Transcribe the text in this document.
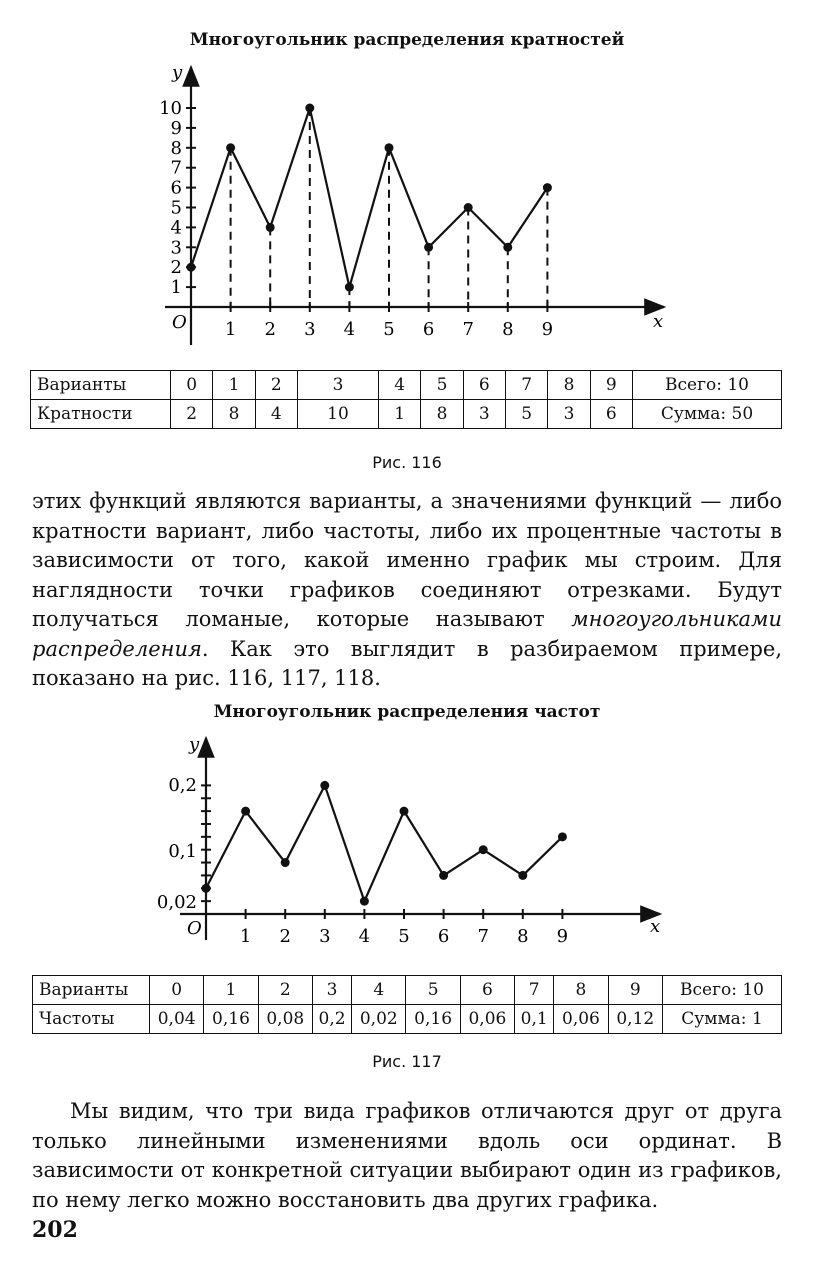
Многоугольник распределения кратностей
y
x
O
1
2
3
4
5
6
7
8
9
10
1 2 3 4 5 6 7 8 9
Варианты	0	1	2	3	4	5	6	7	8	9	Всего: 10
Кратности	2	8	4	10	1	8	3	5	3	6	Сумма: 50
Рис. 116
этих функций являются варианты, а значениями функций — либо кратности вариант, либо частоты, либо их процентные частоты в зависимости от того, какой именно график мы строим. Для наглядности точки графиков соединяют отрезками. Будут получаться ломаные, которые называют многоугольниками распределения. Как это выглядит в разбираемом примере, показано на рис. 116, 117, 118.
Многоугольник распределения частот
y
x
O
0,02
0,1
0,2
1 2 3 4 5 6 7 8 9
Варианты	0	1	2	3	4	5	6	7	8	9	Всего: 10
Частоты	0,04	0,16	0,08	0,2	0,02	0,16	0,06	0,1	0,06	0,12	Сумма: 1
Рис. 117
Мы видим, что три вида графиков отличаются друг от друга только линейными изменениями вдоль оси ординат. В зависимости от конкретной ситуации выбирают один из графиков, по нему легко можно восстановить два других графика.
202
